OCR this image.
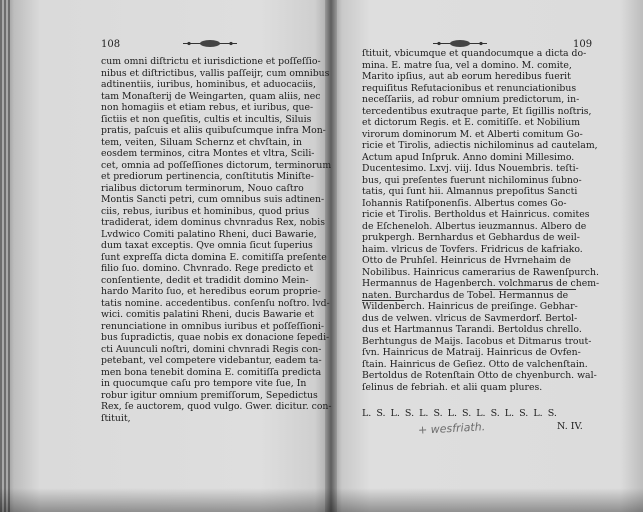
108	109
cum omni diſtrictu et iurisdictione et poſſeſſio-
nibus et diſtrictibus, vallis paſſeijr, cum omnibus
adtinentiis, iuribus, hominibus, et aduocaciis,
tam Monaſterij de Weingarten, quam aliis, nec
non homagiis et etiam rebus, et iuribus, que-
ſictiis et non queſitis, cultis et incultis, Siluis
pratis, paſcuis et aliis quibuſcumque infra Mon-
tem, veiten, Siluam Schernz et chvſtain, in
eosdem terminos, citra Montes et vltra, Scili-
cet, omnia ad poſſeſſiones dictorum, terminorum
et prediorum pertinencia, conſtitutis Miniſte-
rialibus dictorum terminorum, Nouo caſtro
Montis Sancti petri, cum omnibus suis adtinen-
ciis, rebus, iuribus et hominibus, quod prius
tradiderat, idem dominus chvnradus Rex, nobis
Lvdwico Comiti palatino Rheni, duci Bawarie,
dum taxat exceptis. Qve omnia ſicut ſuperius
ſunt expreſſa dicta domina E. comitiſſa preſente
filio ſuo. domino. Chvnrado. Rege predicto et
conſentiente, dedit et tradidit domino Mein-
hardo Marito ſuo, et heredibus eorum proprie-
tatis nomine. accedentibus. conſenſu noſtro. lvd-
wici. comitis palatini Rheni, ducis Bawarie et
renunciatione in omnibus iuribus et poſſeſſioni-
bus ſupradictis, quae nobis ex donacione ſepedi-
cti Auunculi noſtri, domini chvnradi Regis con-
petebant, vel competere videbantur, eadem ta-
men bona tenebit domina E. comitiſſa predicta
in quocumque caſu pro tempore vite ſue, In
robur igitur omnium premiſſorum, Sepedictus
Rex, ſe auctorem, quod vulgo. Gwer. dicitur. con-
ſtituit,
ſtituit, vbicumque et quandocumque a dicta do-
mina. E. matre ſua, vel a domino. M. comite,
Marito ipſius, aut ab eorum heredibus fuerit
requiſitus Refutacionibus et renunciationibus
neceſſariis, ad robur omnium predictorum, in-
tercedentibus exutraque parte, Et ſigillis noſtris,
et dictorum Regis. et E. comitiſſe. et Nobilium
virorum dominorum M. et Alberti comitum Go-
ricie et Tirolis, adiectis nichilominus ad cautelam,
Actum apud Inſpruk. Anno domini Millesimo.
Ducentesimo. Lxvj. viij. Idus Nouembris. teſti-
bus, qui preſentes fuerunt nichilominus ſubno-
tatis, qui ſunt hii. Almannus prepoſitus Sancti
Iohannis Ratiſponenſis. Albertus comes Go-
ricie et Tirolis. Bertholdus et Hainricus. comites
de Eſcheneloh. Albertus ieuzmannus. Albero de
prukpergh. Bernhardus et Gebhardus de weil-
haim. vlricus de Tovfers. Fridricus de kafriako.
Otto de Pruhſel. Heinricus de Hvrnehaim de
Nobilibus. Hainricus camerarius de Rawenſpurch.
Hermannus de Hagenberch. volchmarus de chem-
naten. Burchardus de Tobel. Hermannus de
Wildenberch. Hainricus de preiſinge. Gebhar-
dus de velwen. vlricus de Savmerdorf. Bertol-
dus et Hartmannus Tarandi. Bertoldus chrello.
Berhtungus de Maijs. Iacobus et Ditmarus trout-
ſvn. Hainricus de Matraij. Hainricus de Ovfen-
ſtain. Hainricus de Geſiez. Otto de valchenſtain.
Bertoldus de Rotenſtain Otto de chyenburch. wal-
ſelinus de febriah. et alii quam plures.
L. S. L. S. L. S. L. S. L. S. L. S. L. S.
N. IV.
+ wesfriath.
